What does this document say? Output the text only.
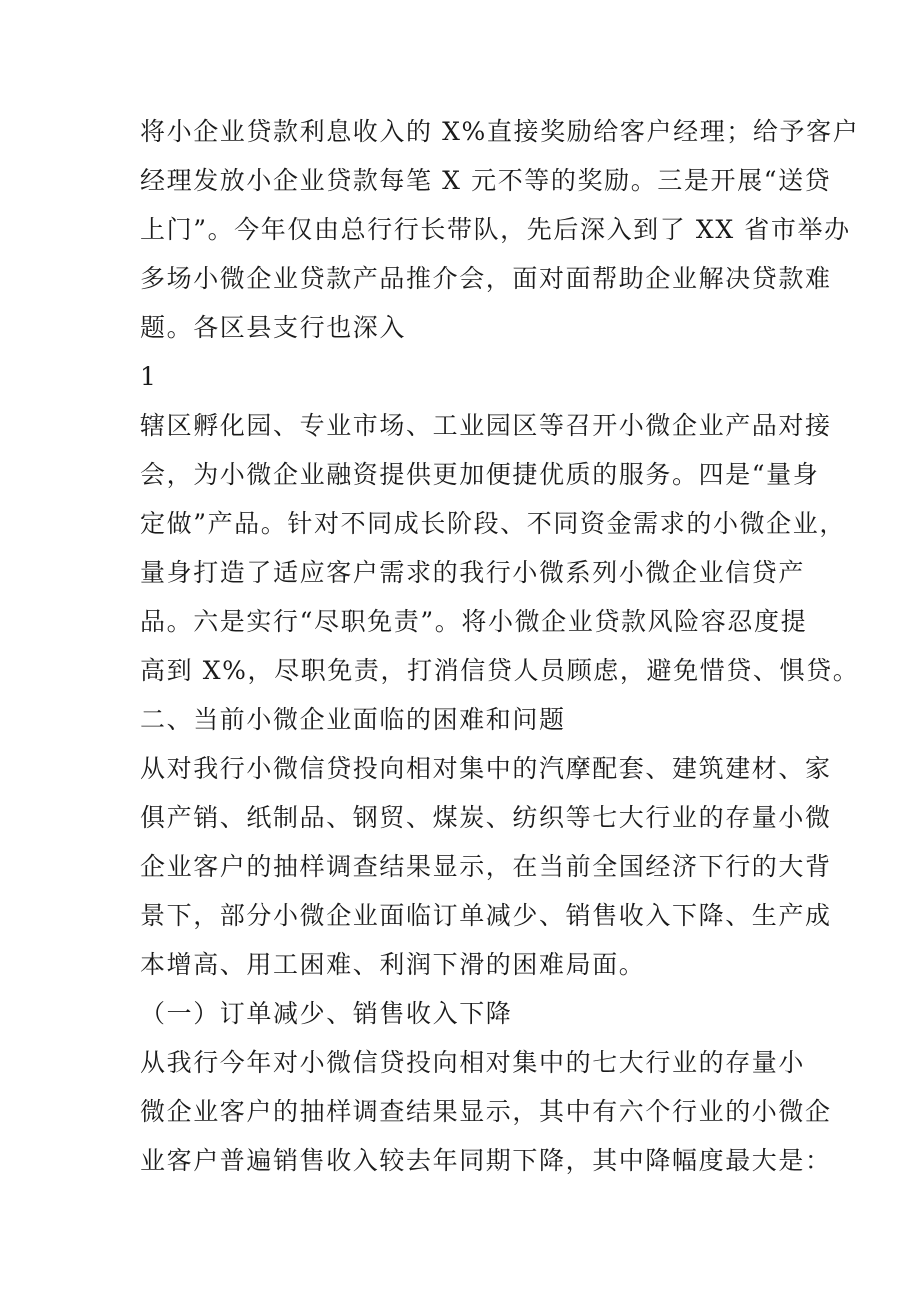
将小企业贷款利息收入的 X%直接奖励给客户经理；给予客户
经理发放小企业贷款每笔 X 元不等的奖励。三是开展“送贷
上门”。今年仅由总行行长带队，先后深入到了 XX 省市举办
多场小微企业贷款产品推介会，面对面帮助企业解决贷款难
题。各区县支行也深入
1
辖区孵化园、专业市场、工业园区等召开小微企业产品对接
会，为小微企业融资提供更加便捷优质的服务。四是“量身
定做”产品。针对不同成长阶段、不同资金需求的小微企业，
量身打造了适应客户需求的我行小微系列小微企业信贷产
品。六是实行“尽职免责”。将小微企业贷款风险容忍度提
高到 X%，尽职免责，打消信贷人员顾虑，避免惜贷、惧贷。
二、当前小微企业面临的困难和问题
从对我行小微信贷投向相对集中的汽摩配套、建筑建材、家
俱产销、纸制品、钢贸、煤炭、纺织等七大行业的存量小微
企业客户的抽样调查结果显示，在当前全国经济下行的大背
景下，部分小微企业面临订单减少、销售收入下降、生产成
本增高、用工困难、利润下滑的困难局面。
（一）订单减少、销售收入下降
从我行今年对小微信贷投向相对集中的七大行业的存量小
微企业客户的抽样调查结果显示，其中有六个行业的小微企
业客户普遍销售收入较去年同期下降，其中降幅度最大是：
